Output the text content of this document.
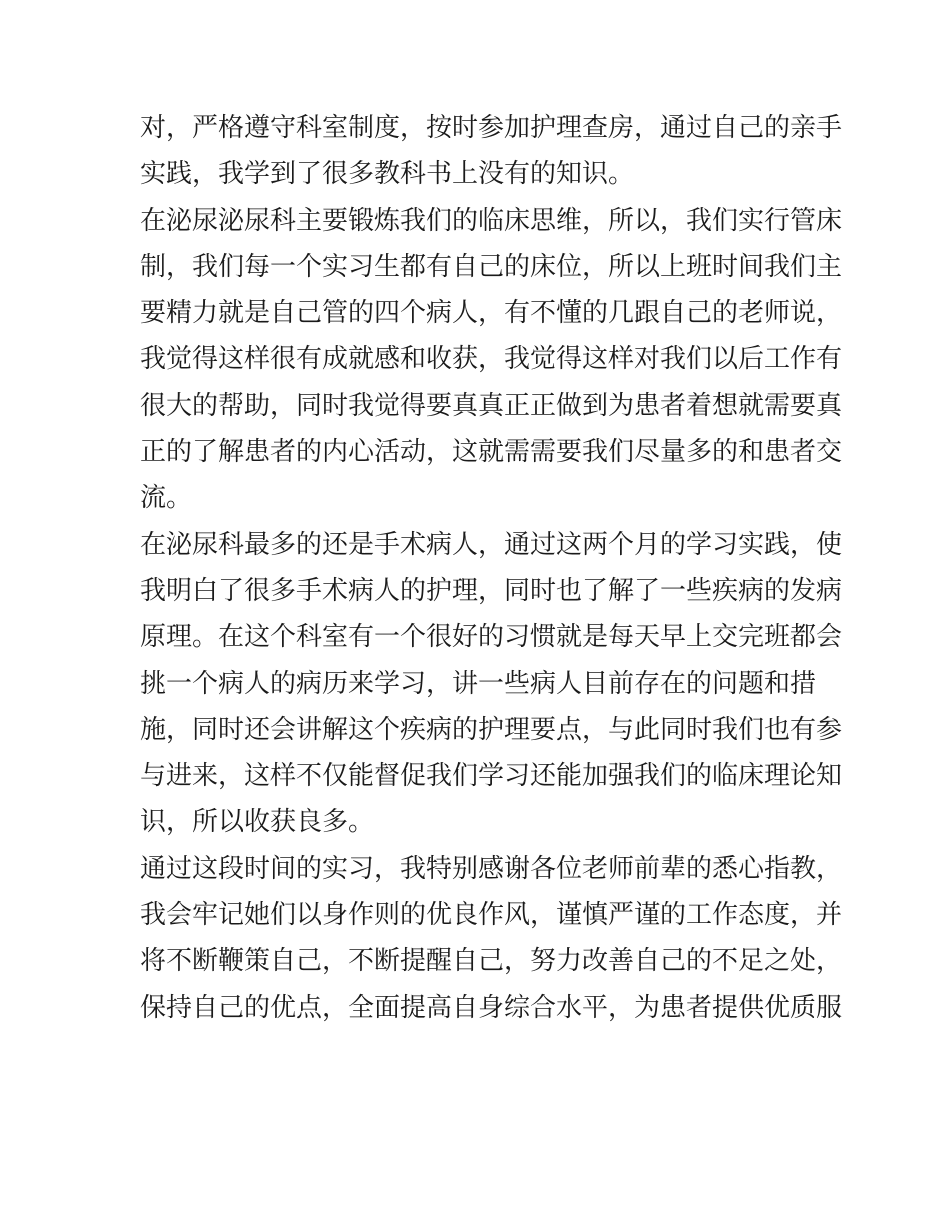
对，严格遵守科室制度，按时参加护理查房，通过自己的亲手
实践，我学到了很多教科书上没有的知识。
在泌尿泌尿科主要锻炼我们的临床思维，所以，我们实行管床
制，我们每一个实习生都有自己的床位，所以上班时间我们主
要精力就是自己管的四个病人，有不懂的几跟自己的老师说，
我觉得这样很有成就感和收获，我觉得这样对我们以后工作有
很大的帮助，同时我觉得要真真正正做到为患者着想就需要真
正的了解患者的内心活动，这就需需要我们尽量多的和患者交
流。
在泌尿科最多的还是手术病人，通过这两个月的学习实践，使
我明白了很多手术病人的护理，同时也了解了一些疾病的发病
原理。在这个科室有一个很好的习惯就是每天早上交完班都会
挑一个病人的病历来学习，讲一些病人目前存在的问题和措
施，同时还会讲解这个疾病的护理要点，与此同时我们也有参
与进来，这样不仅能督促我们学习还能加强我们的临床理论知
识，所以收获良多。
通过这段时间的实习，我特别感谢各位老师前辈的悉心指教，
我会牢记她们以身作则的优良作风，谨慎严谨的工作态度，并
将不断鞭策自己，不断提醒自己，努力改善自己的不足之处，
保持自己的优点，全面提高自身综合水平，为患者提供优质服
